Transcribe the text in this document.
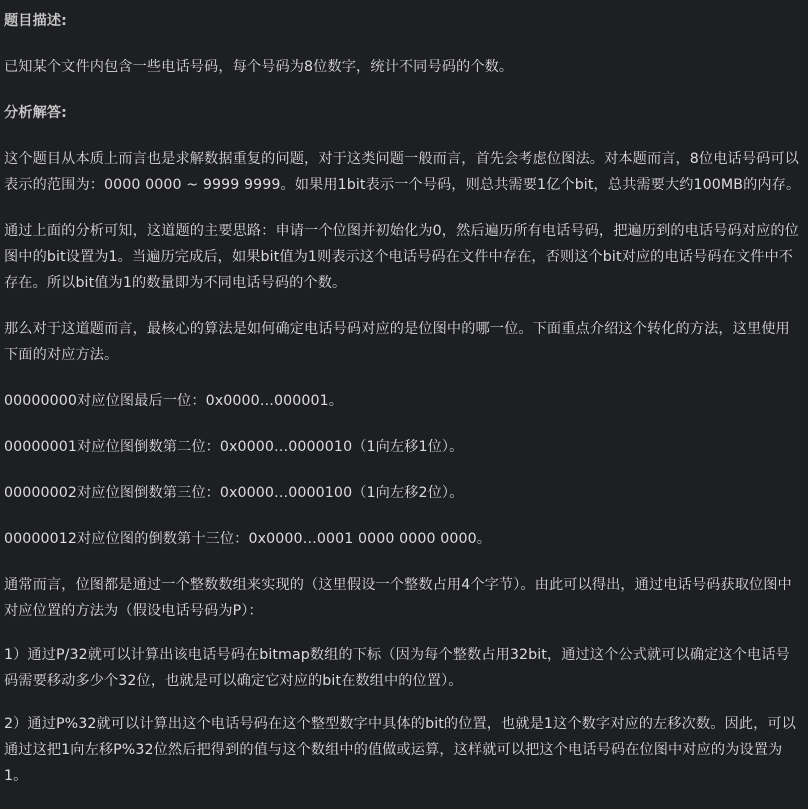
题目描述:
已知某个文件内包含一些电话号码，每个号码为8位数字，统计不同号码的个数。
分析解答:
这个题目从本质上而言也是求解数据重复的问题，对于这类问题一般而言，首先会考虑位图法。对本题而言，8位电话号码可以表示的范围为：0000 0000 ~ 9999 9999。如果用1bit表示一个号码，则总共需要1亿个bit，总共需要大约100MB的内存。
通过上面的分析可知，这道题的主要思路：申请一个位图并初始化为0，然后遍历所有电话号码，把遍历到的电话号码对应的位图中的bit设置为1。当遍历完成后，如果bit值为1则表示这个电话号码在文件中存在，否则这个bit对应的电话号码在文件中不存在。所以bit值为1的数量即为不同电话号码的个数。
那么对于这道题而言，最核心的算法是如何确定电话号码对应的是位图中的哪一位。下面重点介绍这个转化的方法，这里使用下面的对应方法。
00000000对应位图最后一位：0x0000…000001。
00000001对应位图倒数第二位：0x0000…0000010（1向左移1位）。
00000002对应位图倒数第三位：0x0000…0000100（1向左移2位）。
00000012对应位图的倒数第十三位：0x0000…0001 0000 0000 0000。
通常而言，位图都是通过一个整数数组来实现的（这里假设一个整数占用4个字节）。由此可以得出，通过电话号码获取位图中对应位置的方法为（假设电话号码为P）：
1）通过P/32就可以计算出该电话号码在bitmap数组的下标（因为每个整数占用32bit，通过这个公式就可以确定这个电话号码需要移动多少个32位，也就是可以确定它对应的bit在数组中的位置）。
2）通过P%32就可以计算出这个电话号码在这个整型数字中具体的bit的位置，也就是1这个数字对应的左移次数。因此，可以通过这把1向左移P%32位然后把得到的值与这个数组中的值做或运算，这样就可以把这个电话号码在位图中对应的为设置为1。
